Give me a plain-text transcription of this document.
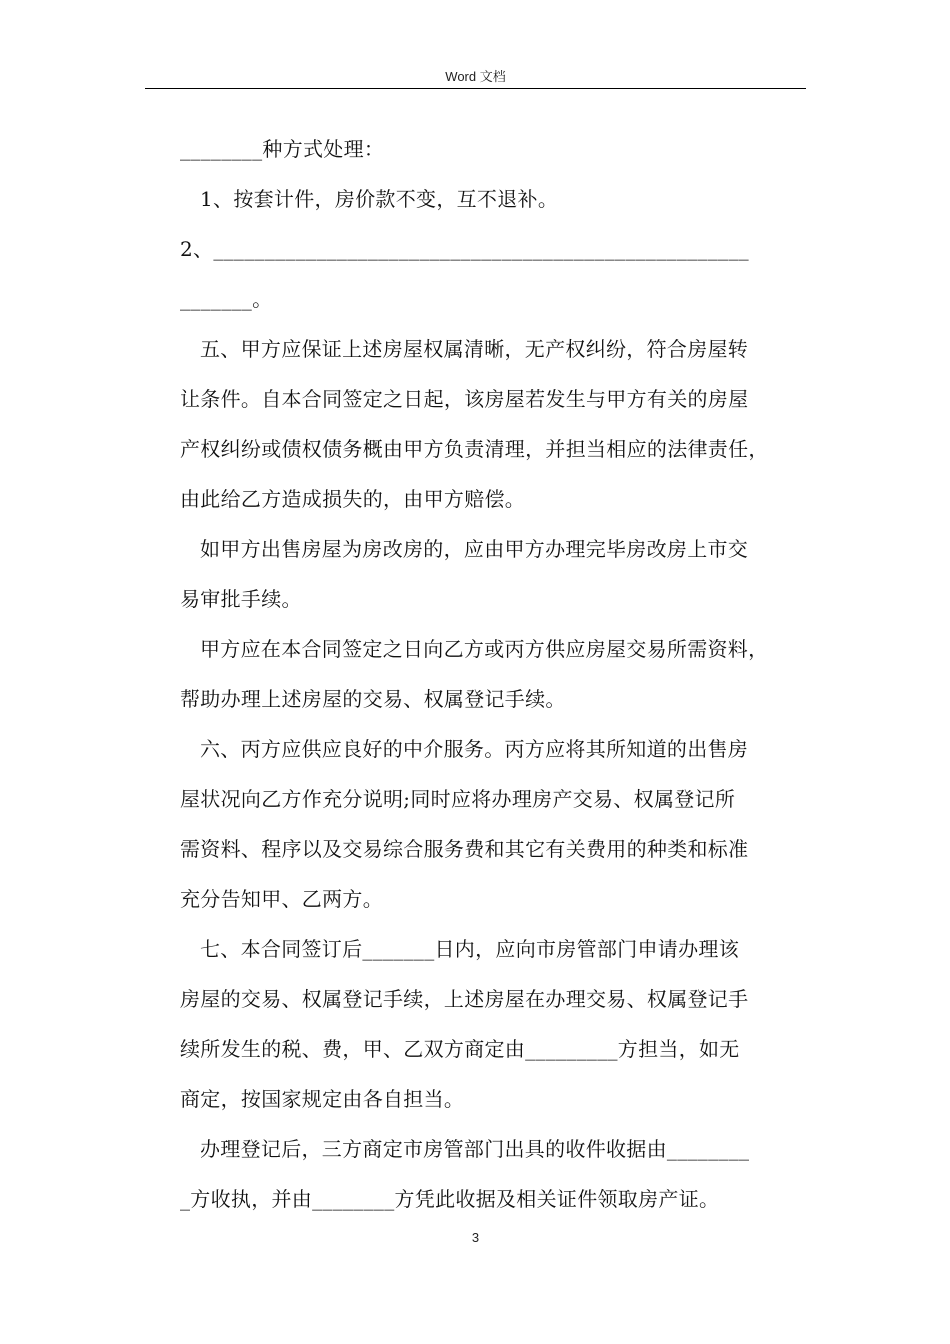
Word 文档
________种方式处理：
1、按套计件，房价款不变，互不退补。
2、____________________________________________________
_______。
五、甲方应保证上述房屋权属清晰，无产权纠纷，符合房屋转
让条件。自本合同签定之日起，该房屋若发生与甲方有关的房屋
产权纠纷或债权债务概由甲方负责清理，并担当相应的法律责任，
由此给乙方造成损失的，由甲方赔偿。
如甲方出售房屋为房改房的，应由甲方办理完毕房改房上市交
易审批手续。
甲方应在本合同签定之日向乙方或丙方供应房屋交易所需资料，
帮助办理上述房屋的交易、权属登记手续。
六、丙方应供应良好的中介服务。丙方应将其所知道的出售房
屋状况向乙方作充分说明;同时应将办理房产交易、权属登记所
需资料、程序以及交易综合服务费和其它有关费用的种类和标准
充分告知甲、乙两方。
七、本合同签订后_______日内，应向市房管部门申请办理该
房屋的交易、权属登记手续，上述房屋在办理交易、权属登记手
续所发生的税、费，甲、乙双方商定由_________方担当，如无
商定，按国家规定由各自担当。
办理登记后，三方商定市房管部门出具的收件收据由________
_方收执，并由________方凭此收据及相关证件领取房产证。
3
